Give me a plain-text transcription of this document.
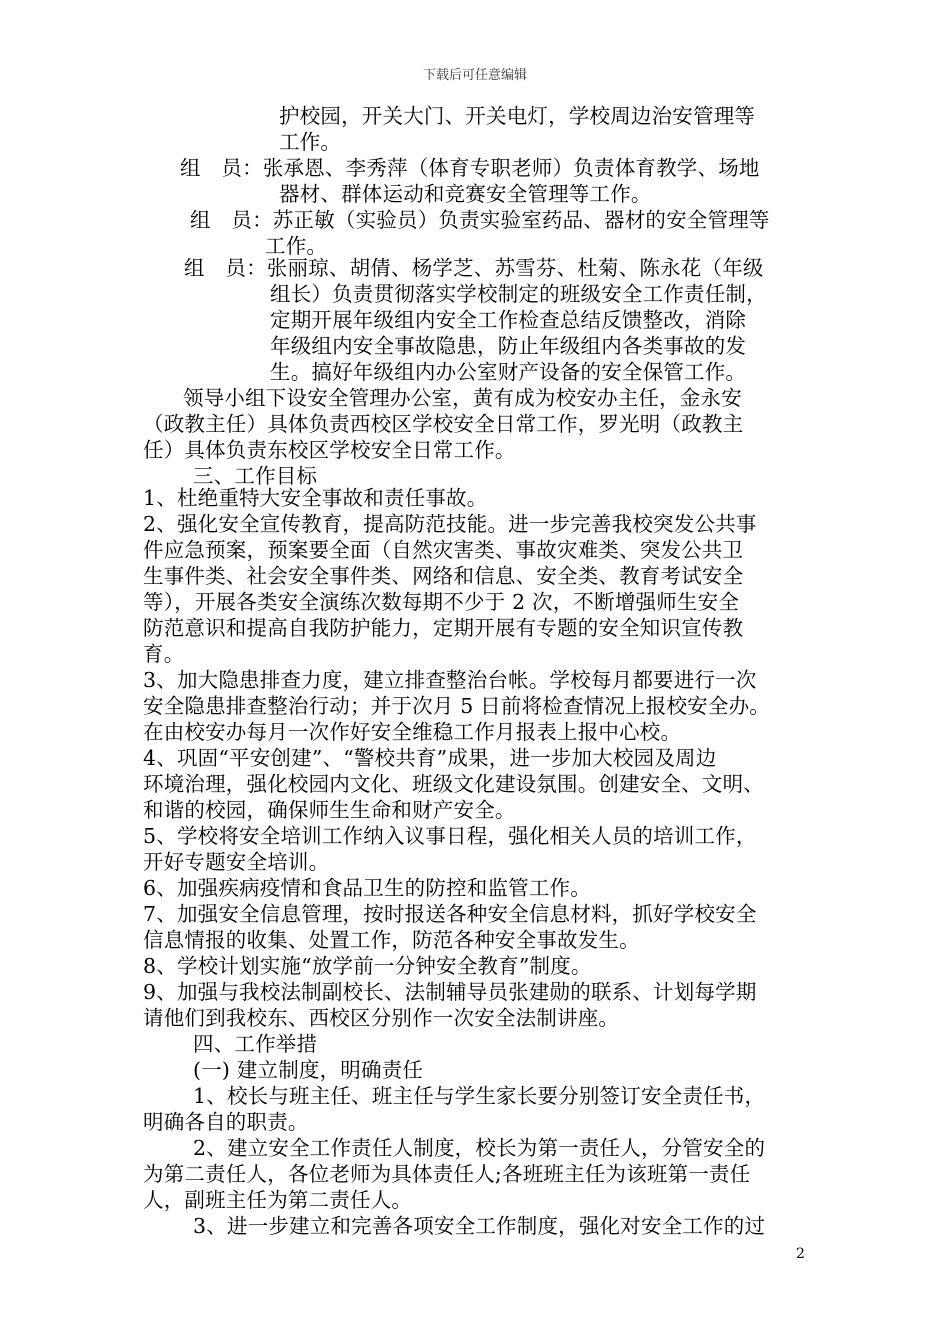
下载后可任意编辑
护校园，开关大门、开关电灯，学校周边治安管理等
工作。
组　员：张承恩、李秀萍（体育专职老师）负责体育教学、场地
器材、群体运动和竞赛安全管理等工作。
组　员：苏正敏（实验员）负责实验室药品、器材的安全管理等
工作。
组　员：张丽琼、胡倩、杨学芝、苏雪芬、杜菊、陈永花（年级
组长）负责贯彻落实学校制定的班级安全工作责任制，
定期开展年级组内安全工作检查总结反馈整改，消除
年级组内安全事故隐患，防止年级组内各类事故的发
生。搞好年级组内办公室财产设备的安全保管工作。
领导小组下设安全管理办公室，黄有成为校安办主任，金永安
（政教主任）具体负责西校区学校安全日常工作，罗光明（政教主
任）具体负责东校区学校安全日常工作。
三、工作目标
1、杜绝重特大安全事故和责任事故。
2、强化安全宣传教育，提高防范技能。进一步完善我校突发公共事
件应急预案，预案要全面（自然灾害类、事故灾难类、突发公共卫
生事件类、社会安全事件类、网络和信息、安全类、教育考试安全
等），开展各类安全演练次数每期不少于 2 次，不断增强师生安全
防范意识和提高自我防护能力，定期开展有专题的安全知识宣传教
育。
3、加大隐患排查力度，建立排查整治台帐。学校每月都要进行一次
安全隐患排查整治行动；并于次月 5 日前将检查情况上报校安全办。
在由校安办每月一次作好安全维稳工作月报表上报中心校。
4、巩固“平安创建”、“警校共育”成果，进一步加大校园及周边
环境治理，强化校园内文化、班级文化建设氛围。创建安全、文明、
和谐的校园，确保师生生命和财产安全。
5、学校将安全培训工作纳入议事日程，强化相关人员的培训工作，
开好专题安全培训。
6、加强疾病疫情和食品卫生的防控和监管工作。
7、加强安全信息管理，按时报送各种安全信息材料，抓好学校安全
信息情报的收集、处置工作，防范各种安全事故发生。
8、学校计划实施“放学前一分钟安全教育”制度。
9、加强与我校法制副校长、法制辅导员张建勋的联系、计划每学期
请他们到我校东、西校区分别作一次安全法制讲座。
四、工作举措
(一) 建立制度，明确责任
1、校长与班主任、班主任与学生家长要分别签订安全责任书，
明确各自的职责。
2、建立安全工作责任人制度，校长为第一责任人，分管安全的
为第二责任人，各位老师为具体责任人;各班班主任为该班第一责任
人，副班主任为第二责任人。
3、进一步建立和完善各项安全工作制度，强化对安全工作的过
2
